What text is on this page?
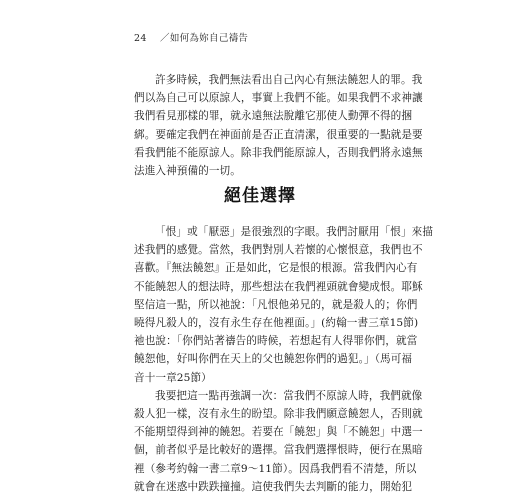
24 ／如何為妳自己禱告
許多時候，我們無法看出自己內心有無法饒恕人的罪。我
們以為自己可以原諒人，事實上我們不能。如果我們不求神讓
我們看見那樣的罪，就永遠無法脫離它那使人動彈不得的捆
綁。要確定我們在神面前是否正直清潔，很重要的一點就是要
看我們能不能原諒人。除非我們能原諒人，否則我們將永遠無
法進入神預備的一切。
絕佳選擇
「恨」或「厭惡」是很強烈的字眼。我們討厭用「恨」來描
述我們的感覺。當然，我們對別人若懷的心懷恨意，我們也不
喜歡。『無法饒恕』正是如此，它是恨的根源。當我們內心有
不能饒恕人的想法時，那些想法在我們裡頭就會變成恨。耶穌
堅信這一點，所以祂說：「凡恨他弟兄的，就是殺人的；你們
曉得凡殺人的，沒有永生存在他裡面。」(約翰一書三章15節)
祂也說：「你們站著禱告的時候，若想起有人得罪你們，就當
饒恕他，好叫你們在天上的父也饒恕你們的過犯。」（馬可福
音十一章25節）
我要把這一點再強調一次：當我們不原諒人時，我們就像
殺人犯一樣，沒有永生的盼望。除非我們願意饒恕人，否則就
不能期望得到神的饒恕。若要在「饒恕」與「不饒恕」中選一
個，前者似乎是比較好的選擇。當我們選擇恨時，便行在黑暗
裡（參考約翰一書二章9～11節）。因爲我們看不清楚，所以
就會在迷惑中跌跌撞撞。這使我們失去判斷的能力，開始犯
